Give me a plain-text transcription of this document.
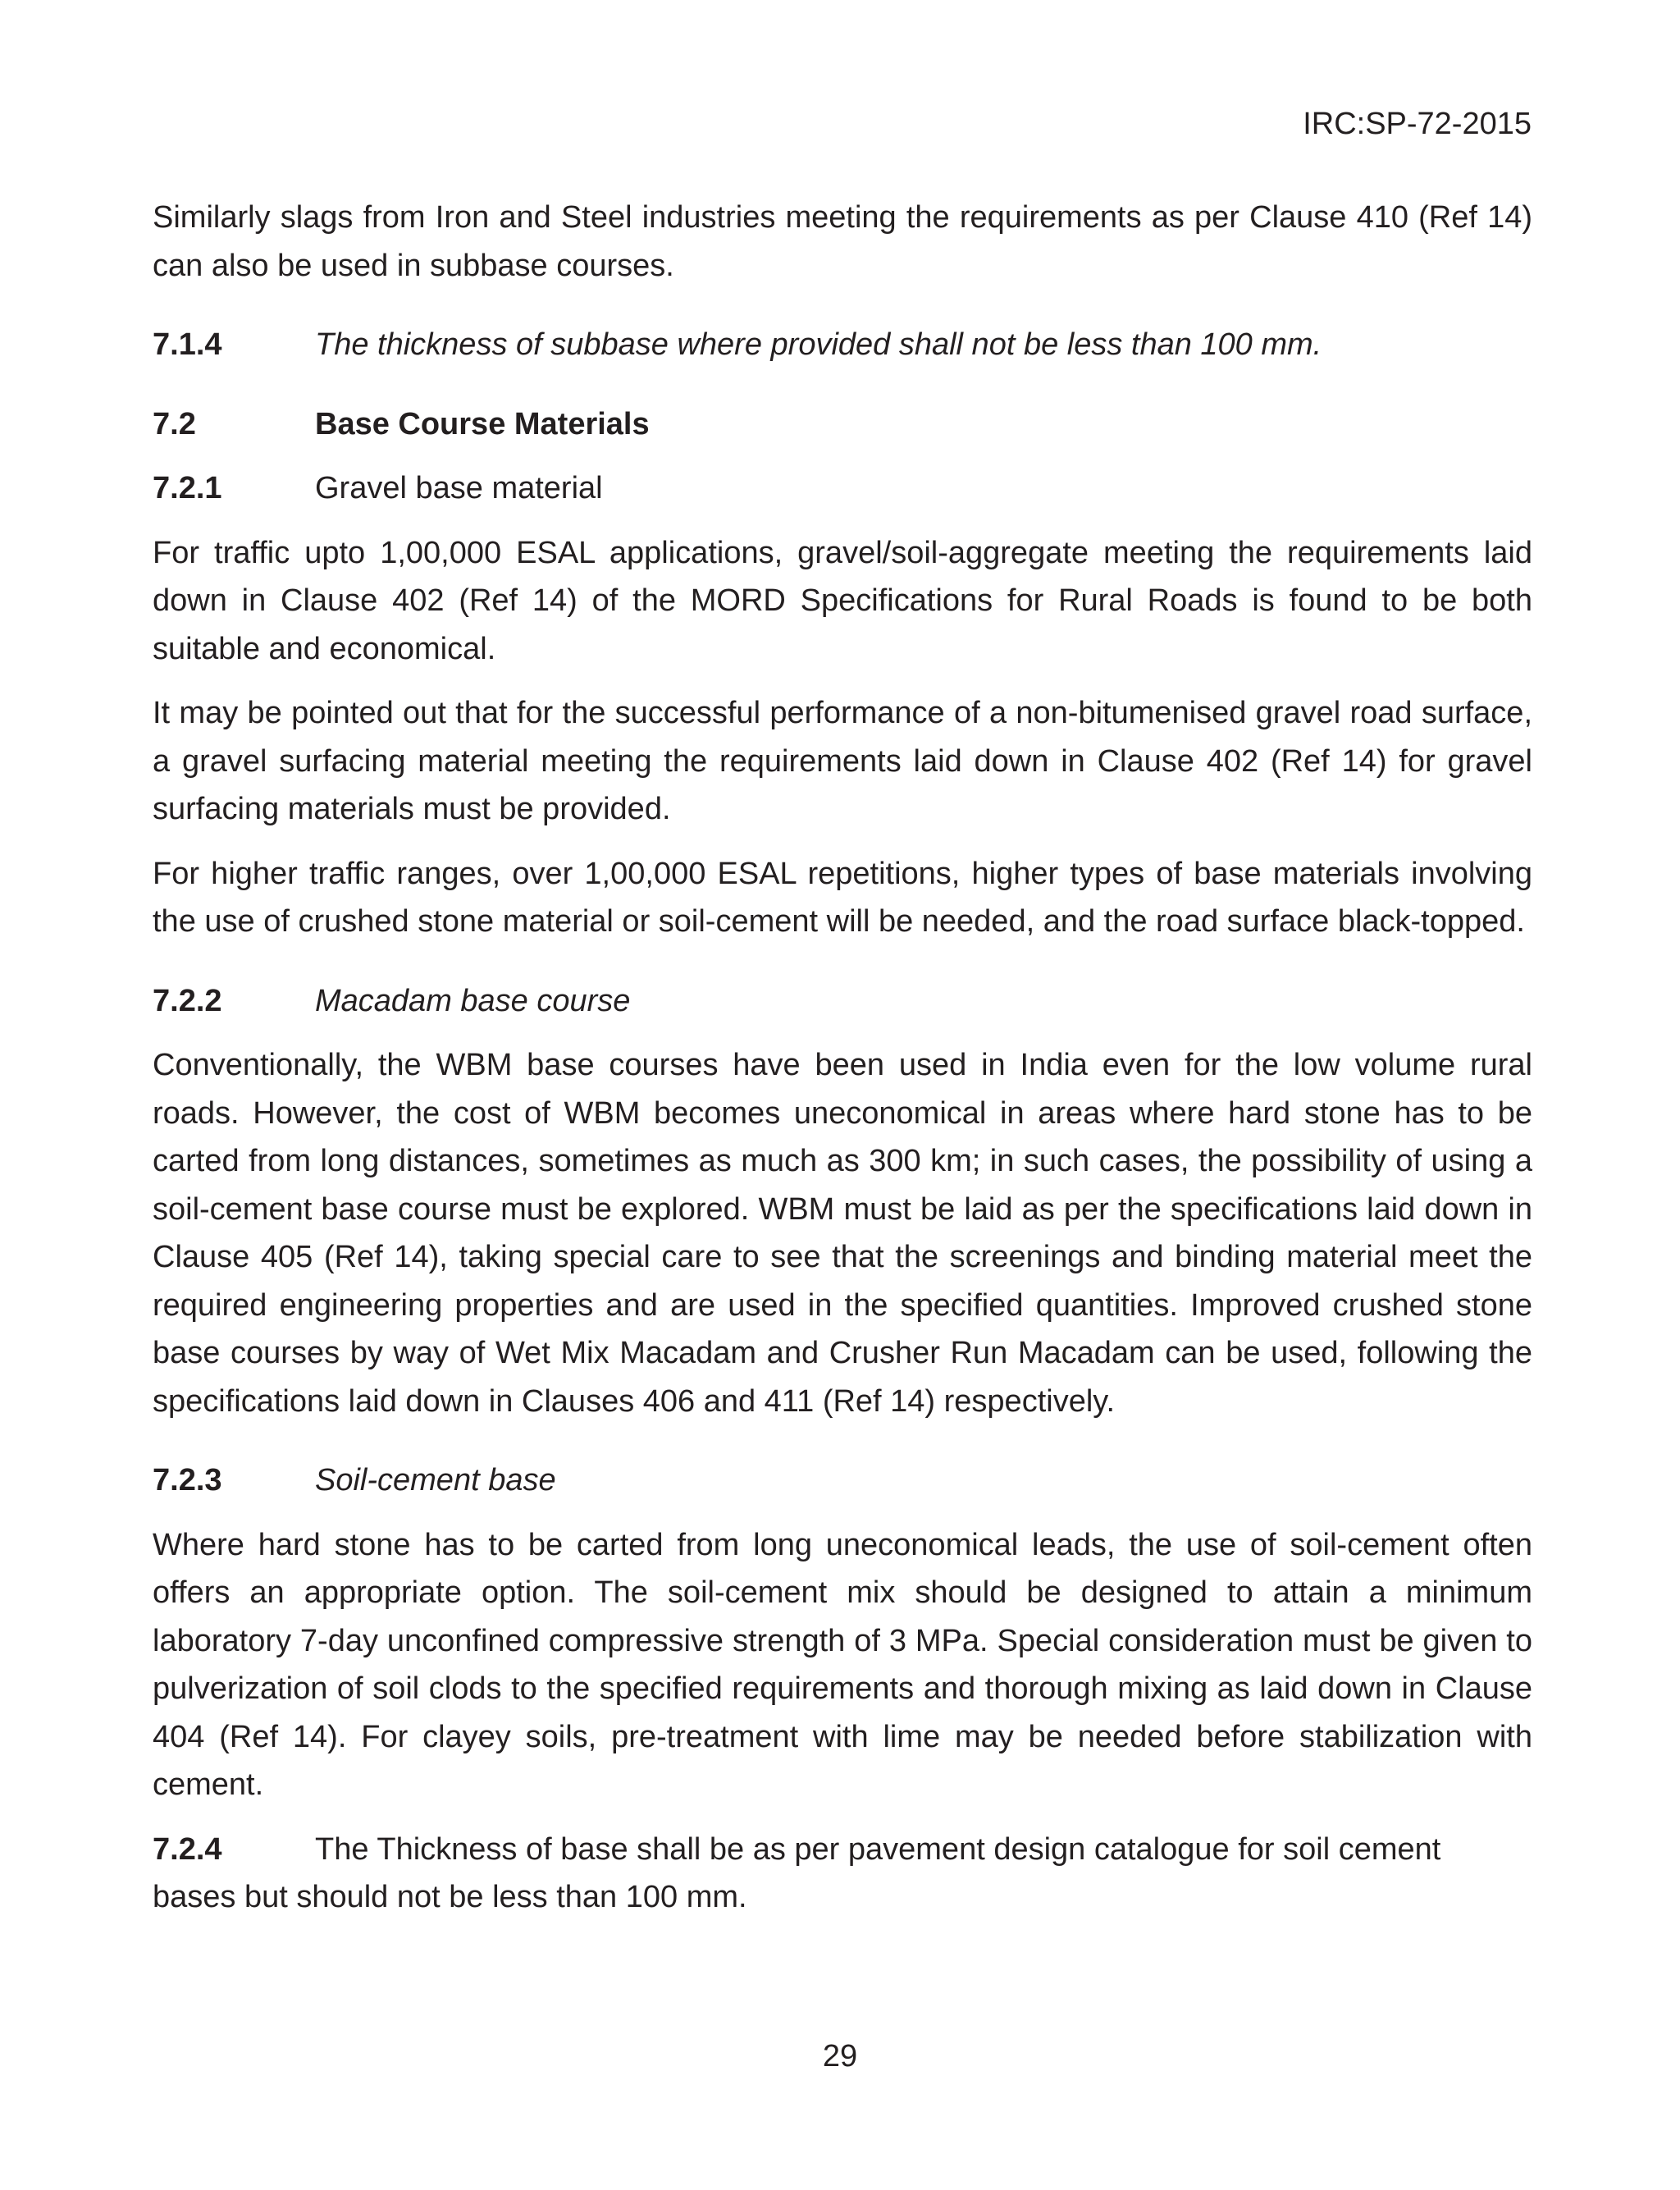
IRC:SP-72-2015

Similarly slags from Iron and Steel industries meeting the requirements as per Clause 410 (Ref 14) can also be used in subbase courses.

7.1.4	The thickness of subbase where provided shall not be less than 100 mm.
7.2	Base Course Materials
7.2.1	Gravel base material

For traffic upto 1,00,000 ESAL applications, gravel/soil-aggregate meeting the requirements laid down in Clause 402 (Ref 14) of the MORD Specifications for Rural Roads is found to be both suitable and economical.

It may be pointed out that for the successful performance of a non-bitumenised gravel road surface, a gravel surfacing material meeting the requirements laid down in Clause 402 (Ref 14) for gravel surfacing materials must be provided.

For higher traffic ranges, over 1,00,000 ESAL repetitions, higher types of base materials involving the use of crushed stone material or soil-cement will be needed, and the road surface black-topped.

7.2.2	Macadam base course

Conventionally, the WBM base courses have been used in India even for the low volume rural roads. However, the cost of WBM becomes uneconomical in areas where hard stone has to be carted from long distances, sometimes as much as 300 km; in such cases, the possibility of using a soil-cement base course must be explored. WBM must be laid as per the specifications laid down in Clause 405 (Ref 14), taking special care to see that the screenings and binding material meet the required engineering properties and are used in the specified quantities. Improved crushed stone base courses by way of Wet Mix Macadam and Crusher Run Macadam can be used, following the specifications laid down in Clauses 406 and 411 (Ref 14) respectively.

7.2.3	Soil-cement base

Where hard stone has to be carted from long uneconomical leads, the use of soil-cement often offers an appropriate option. The soil-cement mix should be designed to attain a minimum laboratory 7-day unconfined compressive strength of 3 MPa. Special consideration must be given to pulverization of soil clods to the specified requirements and thorough mixing as laid down in Clause 404 (Ref 14). For clayey soils, pre-treatment with lime may be needed before stabilization with cement.

7.2.4	The Thickness of base shall be as per pavement design catalogue for soil cement

bases but should not be less than 100 mm.

29
